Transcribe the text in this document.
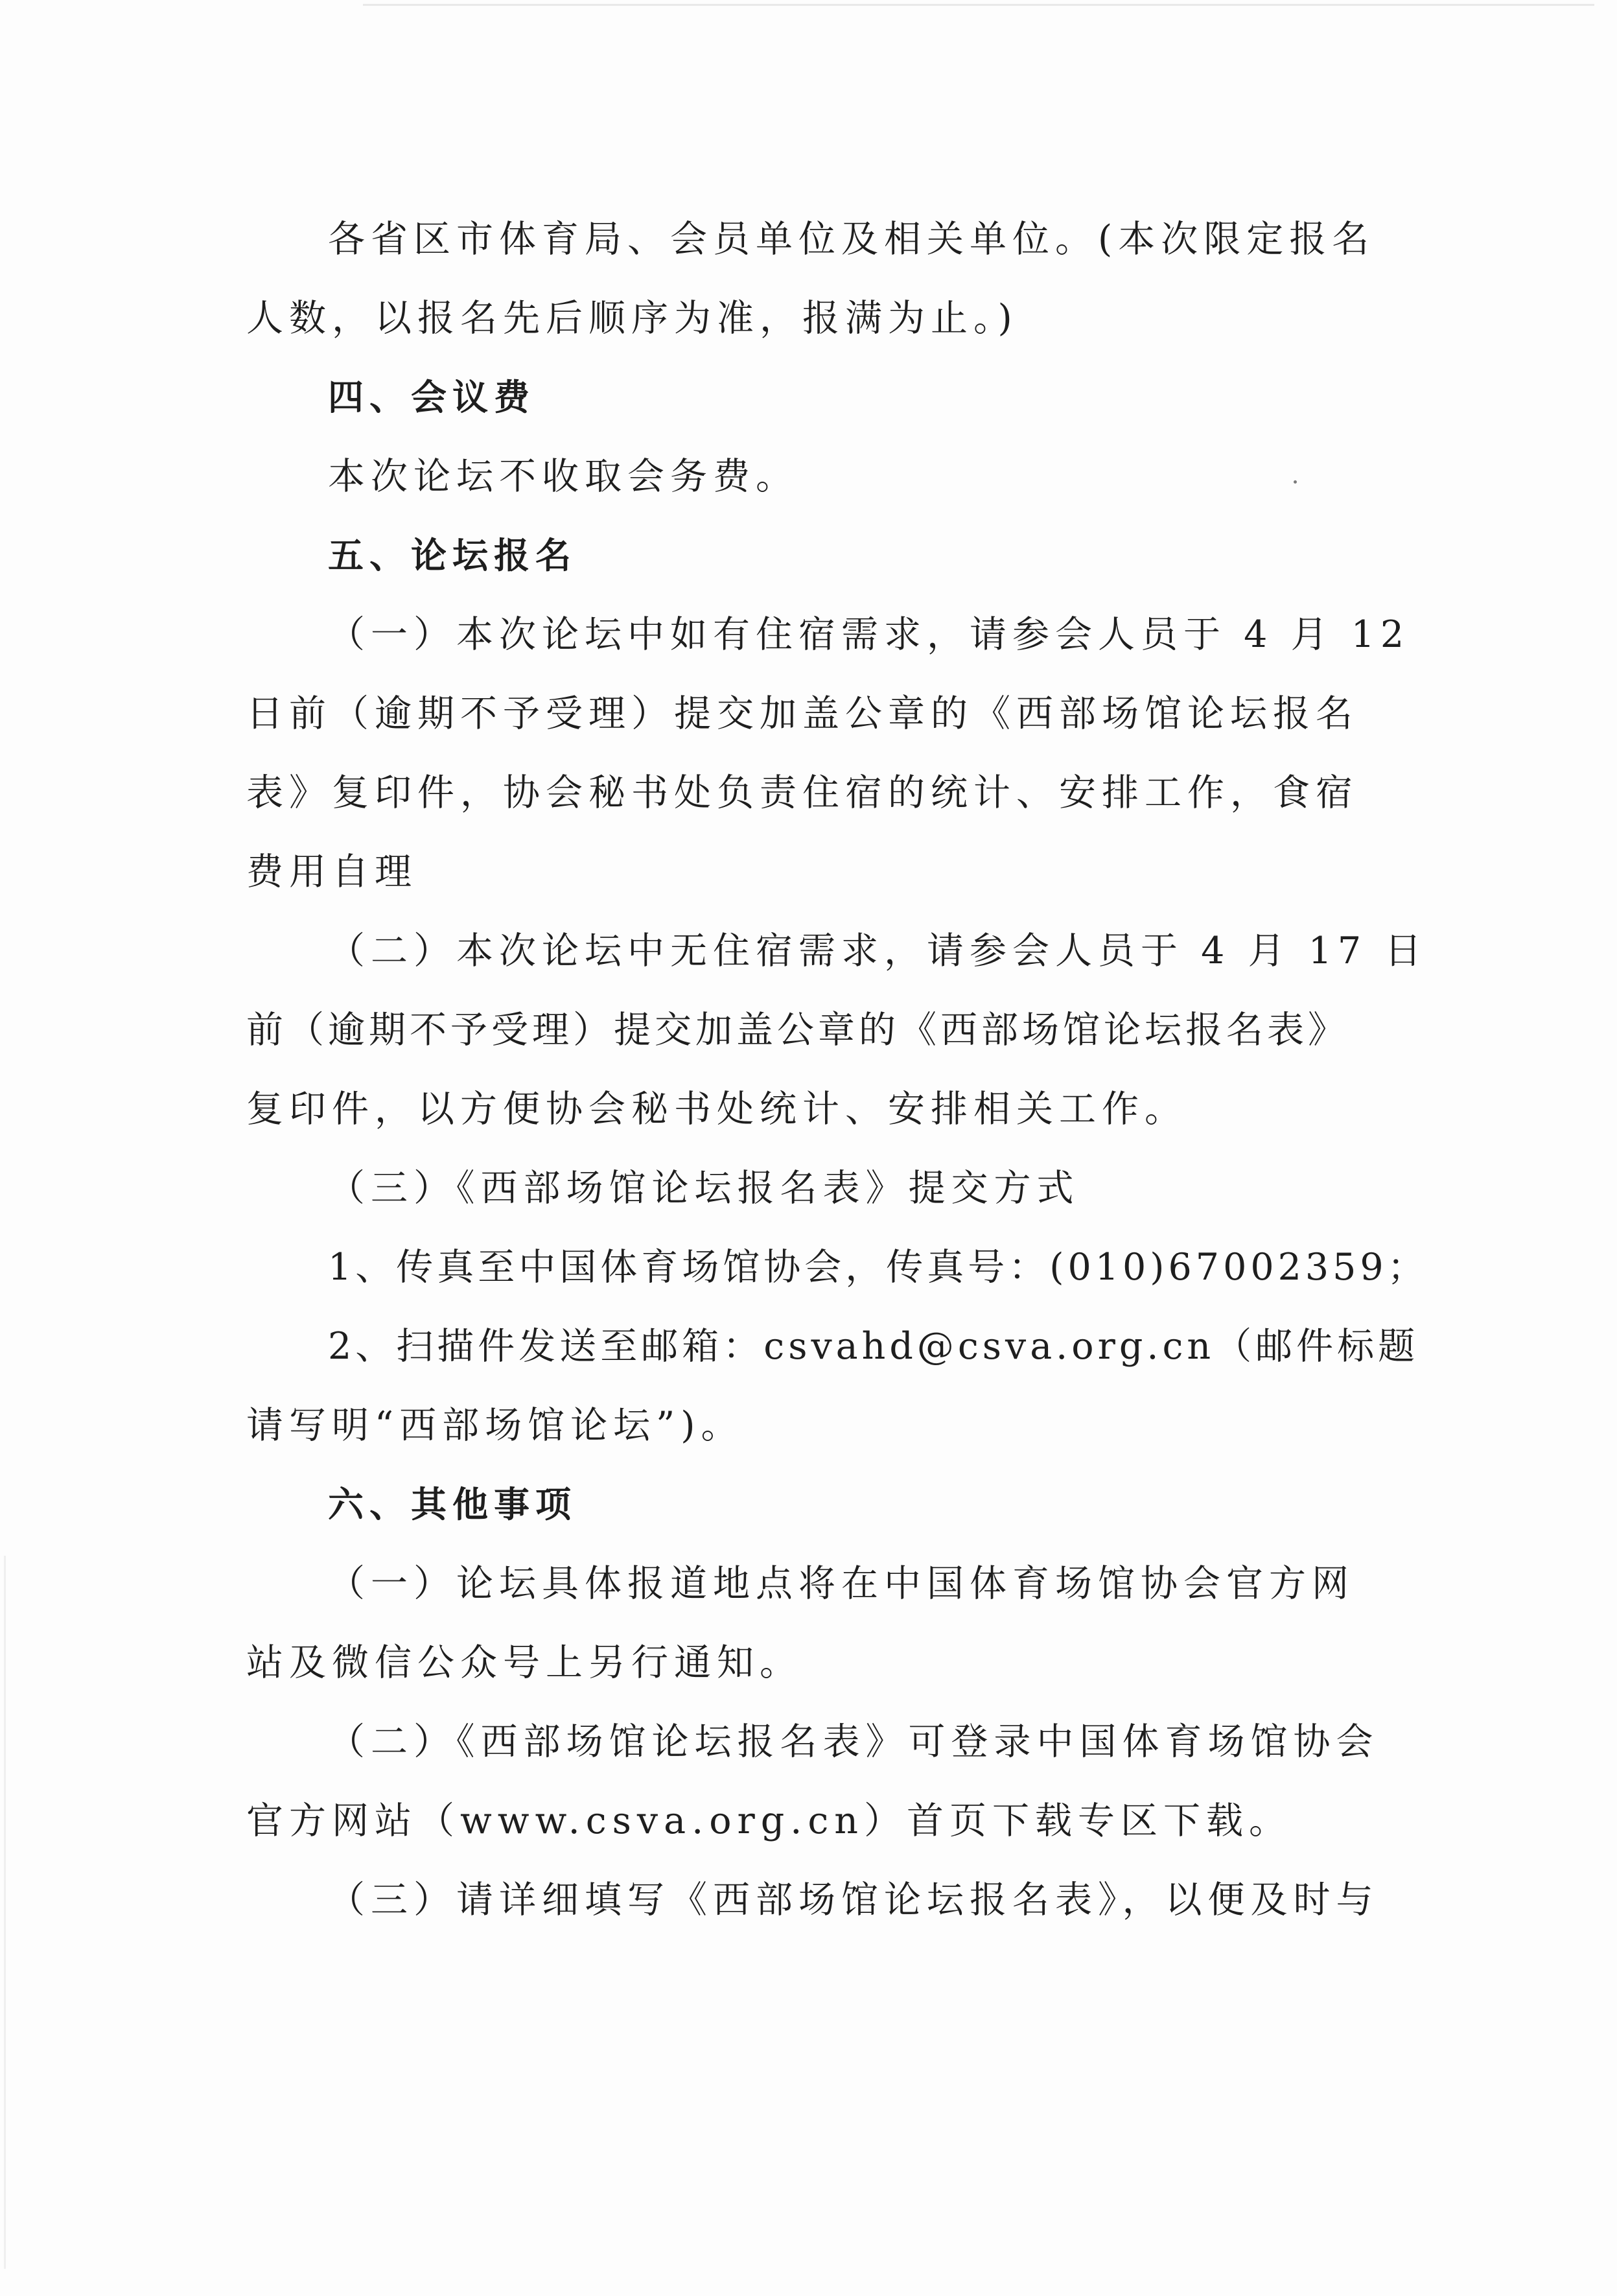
各省区市体育局、会员单位及相关单位。(本次限定报名
人数，以报名先后顺序为准，报满为止。)
四、会议费
本次论坛不收取会务费。
五、论坛报名
（一）本次论坛中如有住宿需求，请参会人员于 4 月 12
日前（逾期不予受理）提交加盖公章的《西部场馆论坛报名
表》复印件，协会秘书处负责住宿的统计、安排工作，食宿
费用自理
（二）本次论坛中无住宿需求，请参会人员于 4 月 17 日
前（逾期不予受理）提交加盖公章的《西部场馆论坛报名表》
复印件，以方便协会秘书处统计、安排相关工作。
（三）《西部场馆论坛报名表》提交方式
1、传真至中国体育场馆协会，传真号：(010)67002359；
2、扫描件发送至邮箱：csvahd@csva.org.cn（邮件标题
请写明“西部场馆论坛”)。
六、其他事项
（一）论坛具体报道地点将在中国体育场馆协会官方网
站及微信公众号上另行通知。
（二）《西部场馆论坛报名表》可登录中国体育场馆协会
官方网站（www.csva.org.cn）首页下载专区下载。
（三）请详细填写《西部场馆论坛报名表》，以便及时与
